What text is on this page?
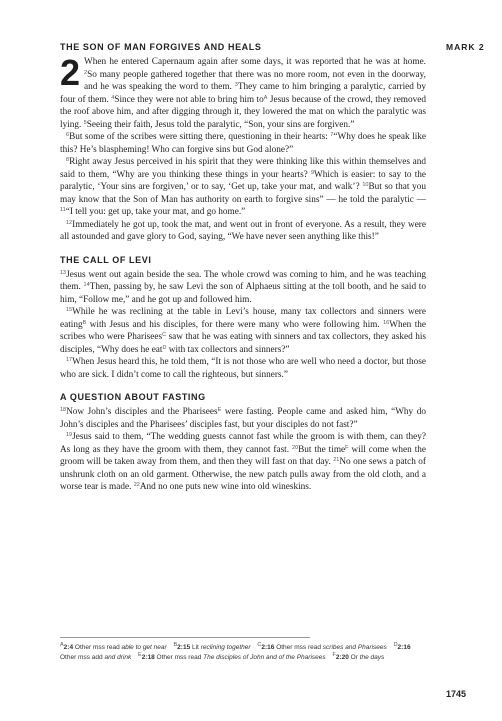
MARK 2
THE SON OF MAN FORGIVES AND HEALS

2 When he entered Capernaum again after some days, it was reported that he was at home. $^2$So many people gathered together that there was no more room, not even in the doorway, and he was speaking the word to them. $^3$They came to him bringing a paralytic, carried by four of them. $^4$Since they were not able to bring him $to^A$ Jesus because of the crowd, they removed the roof above him, and after digging through it, they lowered the mat on which the paralytic was lying. $^5$Seeing their faith, Jesus told the paralytic, “Son, your sins are forgiven.”

$^6$But some of the scribes were sitting there, questioning in their hearts: $^7$“Why does he speak like this? He’s blaspheming! Who can forgive sins but God alone?”

$^8$Right away Jesus perceived in his spirit that they were thinking like this within themselves and said to them, “Why are you thinking these things in your hearts? $^9$Which is easier: to say to the paralytic, ‘Your sins are forgiven,’ or to say, ‘Get up, take your mat, and walk’? $^{10}$But so that you may know that the Son of Man has authority on earth to forgive sins” — he told the paralytic — $^{11}$“I tell you: get up, take your mat, and go home.”

$^{12}$Immediately he got up, took the mat, and went out in front of everyone. As a result, they were all astounded and gave glory to God, saying, “We have never seen anything like this!”

THE CALL OF LEVI

$^{13}$Jesus went out again beside the sea. The whole crowd was coming to him, and he was teaching them. $^{14}$Then, passing by, he saw Levi the son of Alphaeus sitting at the toll booth, and he said to him, “Follow me,” and he got up and followed him.

$^{15}$While he was reclining at the table in Levi’s house, many tax collectors and sinners were eating$^B$ with Jesus and his disciples, for there were many who were following him. $^{16}$When the scribes who were Pharisees$^C$ saw that he was eating with sinners and tax collectors, they asked his disciples, “Why does he eat$^D$ with tax collectors and sinners?”

$^{17}$When Jesus heard this, he told them, “It is not those who are well who need a doctor, but those who are sick. I didn’t come to call the righteous, but sinners.”

A QUESTION ABOUT FASTING

$^{18}$Now John’s disciples and the Pharisees$^E$ were fasting. People came and asked him, “Why do John’s disciples and the Pharisees’ disciples fast, but your disciples do not fast?”

$^{19}$Jesus said to them, “The wedding guests cannot fast while the groom is with them, can they? As long as they have the groom with them, they cannot fast. $^{20}$But the time$^F$ will come when the groom will be taken away from them, and then they will fast on that day. $^{21}$No one sews a patch of unshrunk cloth on an old garment. Otherwise, the new patch pulls away from the old cloth, and a worse tear is made. $^{22}$And no one puts new wine into old wineskins.

$^A$2:4 Other mss read able to get near $^B$2:15 Lit reclining together $^C$2:16 Other mss read scribes and Pharisees $^D$2:16 Other mss add and drink $^E$2:18 Other mss read The disciples of John and of the Pharisees $^F$2:20 Or the days
1745
